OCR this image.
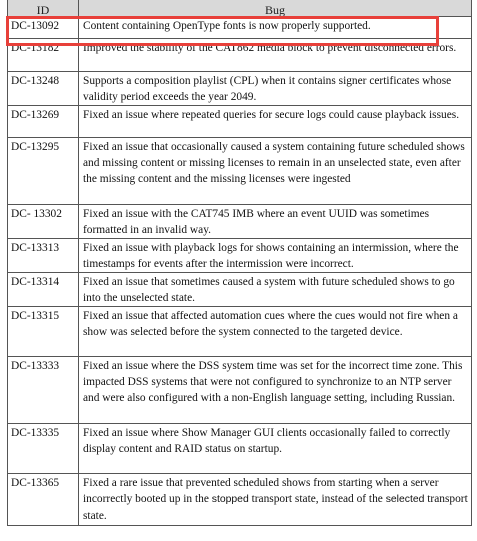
ID	Bug
DC-13092	Content containing OpenType fonts is now properly supported.
DC-13182	Improved the stability of the CAT862 media block to prevent disconnected errors.
DC-13248	Supports a composition playlist (CPL) when it contains signer certificates whose validity period exceeds the year 2049.
DC-13269	Fixed an issue where repeated queries for secure logs could cause playback issues.
DC-13295	Fixed an issue that occasionally caused a system containing future scheduled shows and missing content or missing licenses to remain in an unselected state, even after the missing content and the missing licenses were ingested
DC- 13302	Fixed an issue with the CAT745 IMB where an event UUID was sometimes formatted in an invalid way.
DC-13313	Fixed an issue with playback logs for shows containing an intermission, where the timestamps for events after the intermission were incorrect.
DC-13314	Fixed an issue that sometimes caused a system with future scheduled shows to go into the unselected state.
DC-13315	Fixed an issue that affected automation cues where the cues would not fire when a show was selected before the system connected to the targeted device.
DC-13333	Fixed an issue where the DSS system time was set for the incorrect time zone. This impacted DSS systems that were not configured to synchronize to an NTP server and were also configured with a non-English language setting, including Russian.
DC-13335	Fixed an issue where Show Manager GUI clients occasionally failed to correctly display content and RAID status on startup.
DC-13365	Fixed a rare issue that prevented scheduled shows from starting when a server incorrectly booted up in the stopped transport state, instead of the selected transport state.
